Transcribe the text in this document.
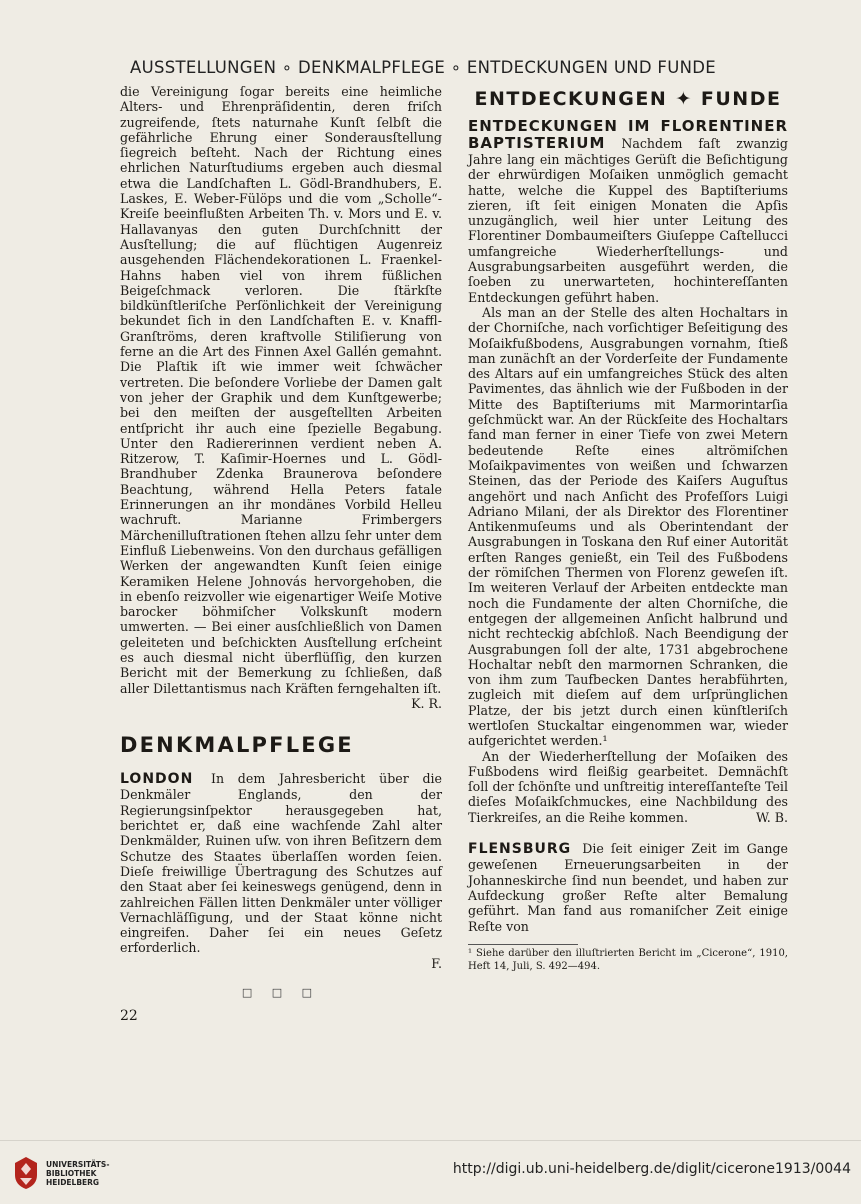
AUSSTELLUNGEN ∘ DENKMALPFLEGE ∘ ENTDECKUNGEN UND FUNDE

die Vereinigung ſogar bereits eine heimliche Alters- und Ehrenpräſidentin, deren friſch zugreifende, ſtets naturnahe Kunſt ſelbſt die gefährliche Ehrung einer Sonderausſtellung ſiegreich beſteht. Nach der Richtung eines ehrlichen Naturſtudiums ergeben auch diesmal etwa die Landſchaften L. Gödl-Brandhubers, E. Laskes, E. Weber-Fülöps und die vom „Scholle“-Kreiſe beeinflußten Arbeiten Th. v. Mors und E. v. Hallavanyas den guten Durchſchnitt der Ausſtellung; die auf flüchtigen Augenreiz ausgehenden Flächendekorationen L. Fraenkel-Hahns haben viel von ihrem füßlichen Beigeſchmack verloren. Die ſtärkſte bildkünſtleriſche Perſönlichkeit der Vereinigung bekundet ſich in den Landſchaften E. v. Knaffl-Granſtröms, deren kraftvolle Stiliſierung von ferne an die Art des Finnen Axel Gallén gemahnt. Die Plaſtik iſt wie immer weit ſchwächer vertreten. Die beſondere Vorliebe der Damen galt von jeher der Graphik und dem Kunſtgewerbe; bei den meiſten der ausgeſtellten Arbeiten entſpricht ihr auch eine ſpezielle Begabung. Unter den Radiererinnen verdient neben A. Ritzerow, T. Kaſimir-Hoernes und L. Gödl-Brandhuber Zdenka Braunerova beſondere Beachtung, während Hella Peters fatale Erinnerungen an ihr mondänes Vorbild Helleu wachruft. Marianne Frimbergers Märchenilluſtrationen ſtehen allzu ſehr unter dem Einfluß Liebenweins. Von den durchaus gefälligen Werken der angewandten Kunſt ſeien einige Keramiken Helene Johnovás hervorgehoben, die in ebenſo reizvoller wie eigenartiger Weiſe Motive barocker böhmiſcher Volkskunſt modern umwerten. — Bei einer ausſchließlich von Damen geleiteten und beſchickten Ausſtellung erſcheint es auch diesmal nicht überflüſſig, den kurzen Bericht mit der Bemerkung zu ſchließen, daß aller Dilettantismus nach Kräften ferngehalten iſt.

K. R.
DENKMALPFLEGE

LONDON In dem Jahresbericht über die Denkmäler Englands, den der Regierungsinſpektor herausgegeben hat, berichtet er, daß eine wachſende Zahl alter Denkmälder, Ruinen uſw. von ihren Beſitzern dem Schutze des Staates überlaſſen worden ſeien. Dieſe freiwillige Übertragung des Schutzes auf den Staat aber ſei keineswegs genügend, denn in zahlreichen Fällen litten Denkmäler unter völliger Vernachläſſigung, und der Staat könne nicht eingreifen. Daher ſei ein neues Geſetz erforderlich.

F.
□ □ □
ENTDECKUNGEN ✦ FUNDE

ENTDECKUNGEN IM FLORENTINER BAPTISTERIUM Nachdem faſt zwanzig Jahre lang ein mächtiges Gerüſt die Beſichtigung der ehrwürdigen Moſaiken unmöglich gemacht hatte, welche die Kuppel des Baptiſteriums zieren, iſt ſeit einigen Monaten die Apſis unzugänglich, weil hier unter Leitung des Florentiner Dombaumeiſters Giuſeppe Caſtellucci umfangreiche Wiederherſtellungs- und Ausgrabungsarbeiten ausgeführt werden, die ſoeben zu unerwarteten, hochintereſſanten Entdeckungen geführt haben.

Als man an der Stelle des alten Hochaltars in der Chorniſche, nach vorſichtiger Beſeitigung des Moſaikfußbodens, Ausgrabungen vornahm, ſtieß man zunächſt an der Vorderſeite der Fundamente des Altars auf ein umfangreiches Stück des alten Pavimentes, das ähnlich wie der Fußboden in der Mitte des Baptiſteriums mit Marmorintarſia geſchmückt war. An der Rückſeite des Hochaltars fand man ferner in einer Tiefe von zwei Metern bedeutende Reſte eines altrömiſchen Moſaikpavimentes von weißen und ſchwarzen Steinen, das der Periode des Kaiſers Auguſtus angehört und nach Anſicht des Profeſſors Luigi Adriano Milani, der als Direktor des Florentiner Antikenmuſeums und als Oberintendant der Ausgrabungen in Toskana den Ruf einer Autorität erſten Ranges genießt, ein Teil des Fußbodens der römiſchen Thermen von Florenz geweſen iſt. Im weiteren Verlauf der Arbeiten entdeckte man noch die Fundamente der alten Chorniſche, die entgegen der allgemeinen Anſicht halbrund und nicht rechteckig abſchloß. Nach Beendigung der Ausgrabungen ſoll der alte, 1731 abgebrochene Hochaltar nebſt den marmornen Schranken, die von ihm zum Taufbecken Dantes herabführten, zugleich mit dieſem auf dem urſprünglichen Platze, der bis jetzt durch einen künſtleriſch wertloſen Stuckaltar eingenommen war, wieder aufgerichtet werden.¹

An der Wiederherſtellung der Moſaiken des Fußbodens wird fleißig gearbeitet. Demnächſt ſoll der ſchönſte und unſtreitig intereſſanteſte Teil dieſes Moſaikſchmuckes, eine Nachbildung des Tierkreiſes, an die Reihe kommen.	W. B.

FLENSBURG Die ſeit einiger Zeit im Gange geweſenen Erneuerungsarbeiten in der Johanneskirche ſind nun beendet, und haben zur Aufdeckung großer Reſte alter Bemalung geführt. Man fand aus romaniſcher Zeit einige Reſte von

¹ Siehe darüber den illuſtrierten Bericht im „Cicerone“, 1910, Heft 14, Juli, S. 492—494.
22
UNIVERSITÄTS-
BIBLIOTHEK
HEIDELBERG
http://digi.ub.uni-heidelberg.de/diglit/cicerone1913/0044
